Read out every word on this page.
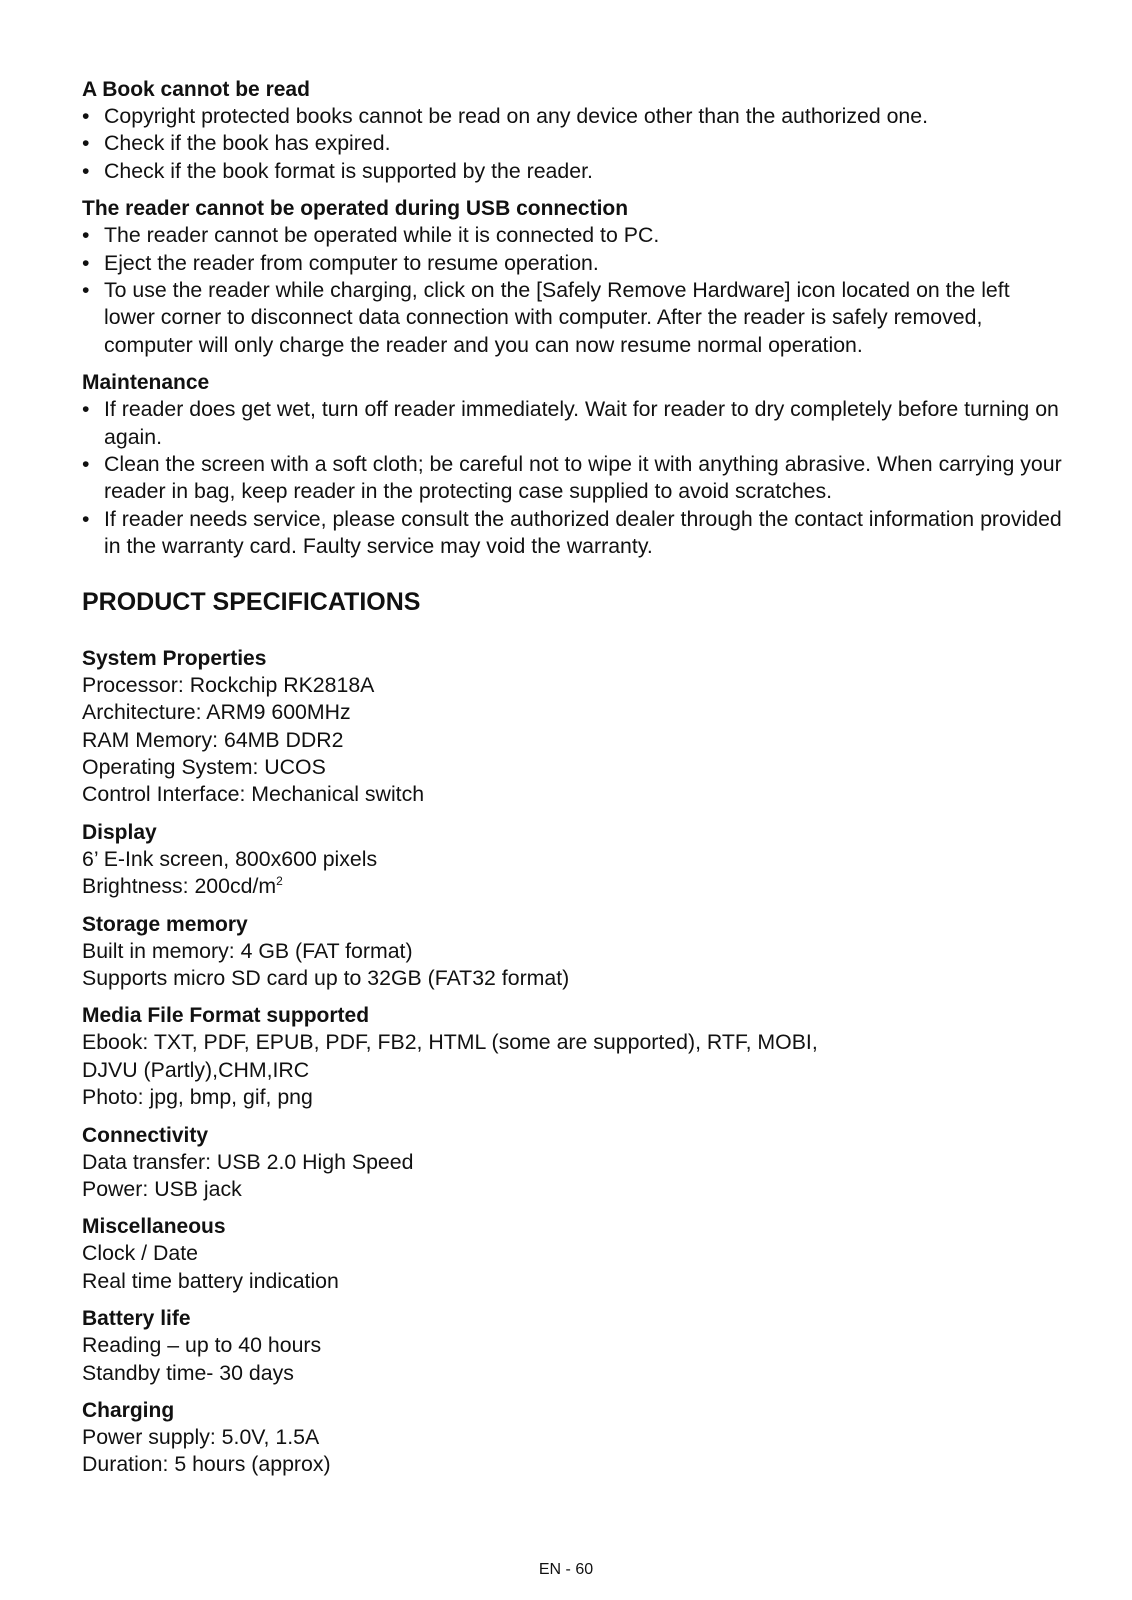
A Book cannot be read

• Copyright protected books cannot be read on any device other than the authorized one.
• Check if the book has expired.
• Check if the book format is supported by the reader.

The reader cannot be operated during USB connection

• The reader cannot be operated while it is connected to PC.
• Eject the reader from computer to resume operation.
• To use the reader while charging, click on the [Safely Remove Hardware] icon located on the left lower corner to disconnect data connection with computer. After the reader is safely removed, computer will only charge the reader and you can now resume normal operation.

Maintenance

• If reader does get wet, turn off reader immediately. Wait for reader to dry completely before turning on again.
• Clean the screen with a soft cloth; be careful not to wipe it with anything abrasive. When carrying your reader in bag, keep reader in the protecting case supplied to avoid scratches.
• If reader needs service, please consult the authorized dealer through the contact information provided in the warranty card. Faulty service may void the warranty.

PRODUCT SPECIFICATIONS

System Properties

Processor: Rockchip RK2818A

Architecture: ARM9 600MHz

RAM Memory: 64MB DDR2

Operating System: UCOS

Control Interface: Mechanical switch

Display

6’ E-Ink screen, 800x600 pixels

Brightness: $200cd/m^2$

Storage memory

Built in memory: 4 GB (FAT format)

Supports micro SD card up to 32GB (FAT32 format)

Media File Format supported

Ebook: TXT, PDF, EPUB, PDF, FB2, HTML (some are supported), RTF, MOBI,

DJVU (Partly),CHM,IRC

Photo: jpg, bmp, gif, png

Connectivity

Data transfer: USB 2.0 High Speed

Power: USB jack

Miscellaneous

Clock / Date

Real time battery indication

Battery life

Reading – up to 40 hours

Standby time- 30 days

Charging

Power supply: 5.0V, 1.5A

Duration: 5 hours (approx)

EN - 60
